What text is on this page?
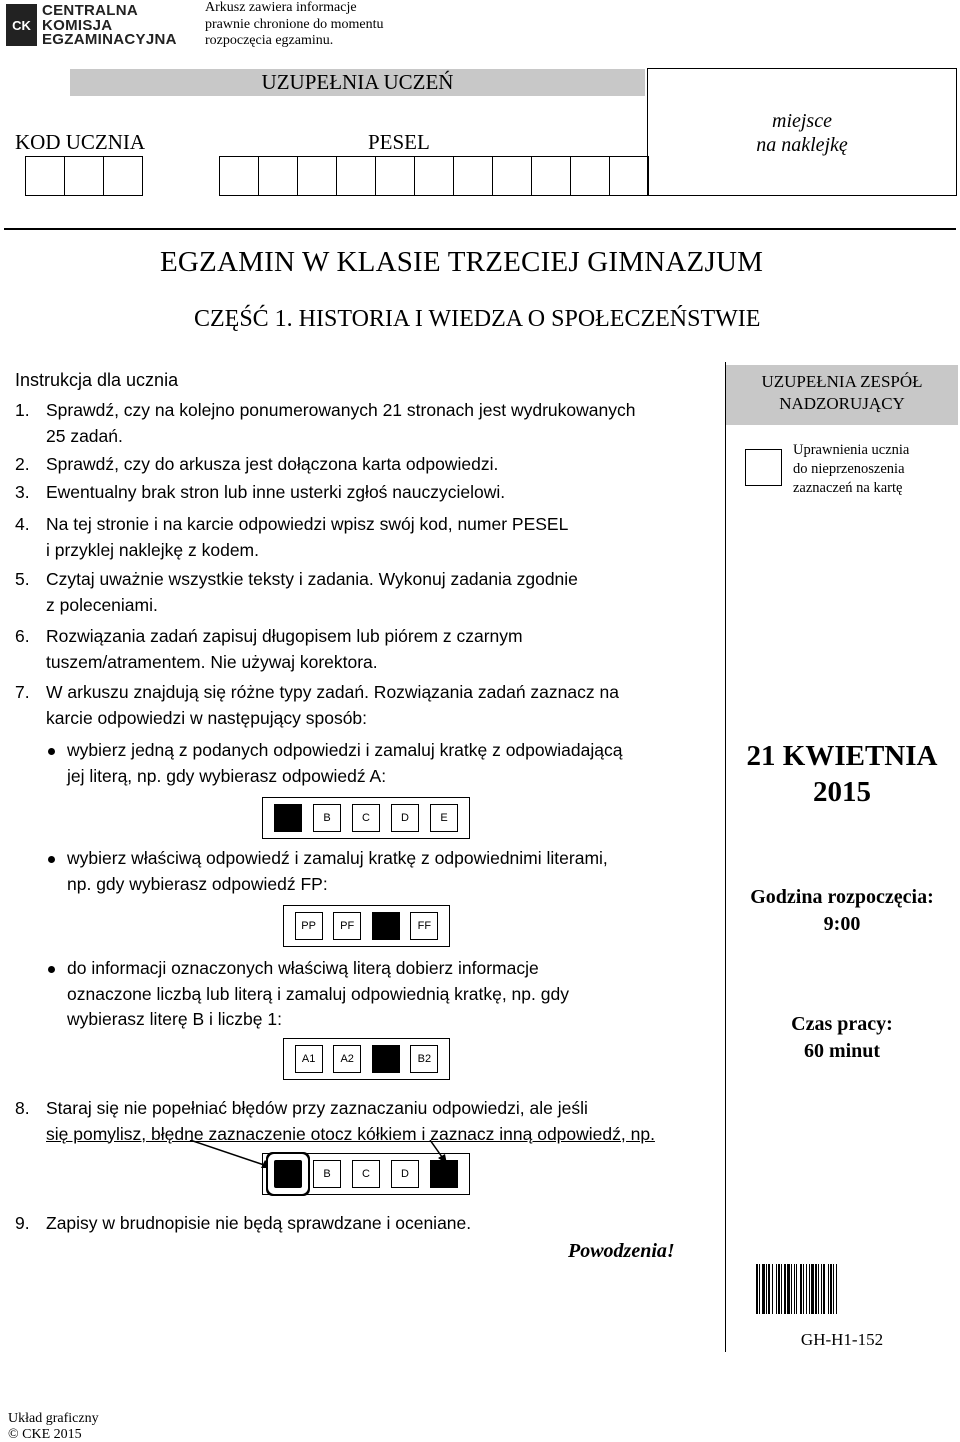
CK
CENTRALNA
KOMISJA
EGZAMINACYJNA
Arkusz zawiera informacje
prawnie chronione do momentu
rozpoczęcia egzaminu.
UZUPEŁNIA UCZEŃ
KOD UCZNIA	PESEL
miejsce
na naklejkę
EGZAMIN W KLASIE TRZECIEJ GIMNAZJUM
CZĘŚĆ 1. HISTORIA I WIEDZA O SPOŁECZEŃSTWIE
Instrukcja dla ucznia
1. Sprawdź, czy na kolejno ponumerowanych 21 stronach jest wydrukowanych
25 zadań.
2. Sprawdź, czy do arkusza jest dołączona karta odpowiedzi.
3. Ewentualny brak stron lub inne usterki zgłoś nauczycielowi.
4. Na tej stronie i na karcie odpowiedzi wpisz swój kod, numer PESEL
i przyklej naklejkę z kodem.
5. Czytaj uważnie wszystkie teksty i zadania. Wykonuj zadania zgodnie
z poleceniami.
6. Rozwiązania zadań zapisuj długopisem lub piórem z czarnym
tuszem/atramentem. Nie używaj korektora.
7. W arkuszu znajdują się różne typy zadań. Rozwiązania zadań zaznacz na
karcie odpowiedzi w następujący sposób:
wybierz jedną z podanych odpowiedzi i zamaluj kratkę z odpowiadającą
jej literą, np. gdy wybierasz odpowiedź A:
wybierz właściwą odpowiedź i zamaluj kratkę z odpowiednimi literami,
np. gdy wybierasz odpowiedź FP:
do informacji oznaczonych właściwą literą dobierz informacje
oznaczone liczbą lub literą i zamaluj odpowiednią kratkę, np. gdy
wybierasz literę B i liczbę 1:
8. Staraj się nie popełniać błędów przy zaznaczaniu odpowiedzi, ale jeśli
się pomylisz, błędne zaznaczenie otocz kółkiem i zaznacz inną odpowiedź, np.
9. Zapisy w brudnopisie nie będą sprawdzane i oceniane.
B	C	D	E
PP	PF	FF
A1	A2	B2
B	C	D
Powodzenia!
UZUPEŁNIA ZESPÓŁ
NADZORUJĄCY
Uprawnienia ucznia
do nieprzenoszenia
zaznaczeń na kartę
21 KWIETNIA
2015
Godzina rozpoczęcia:
9:00
Czas pracy:
60 minut
GH-H1-152
Układ graficzny
© CKE 2015
